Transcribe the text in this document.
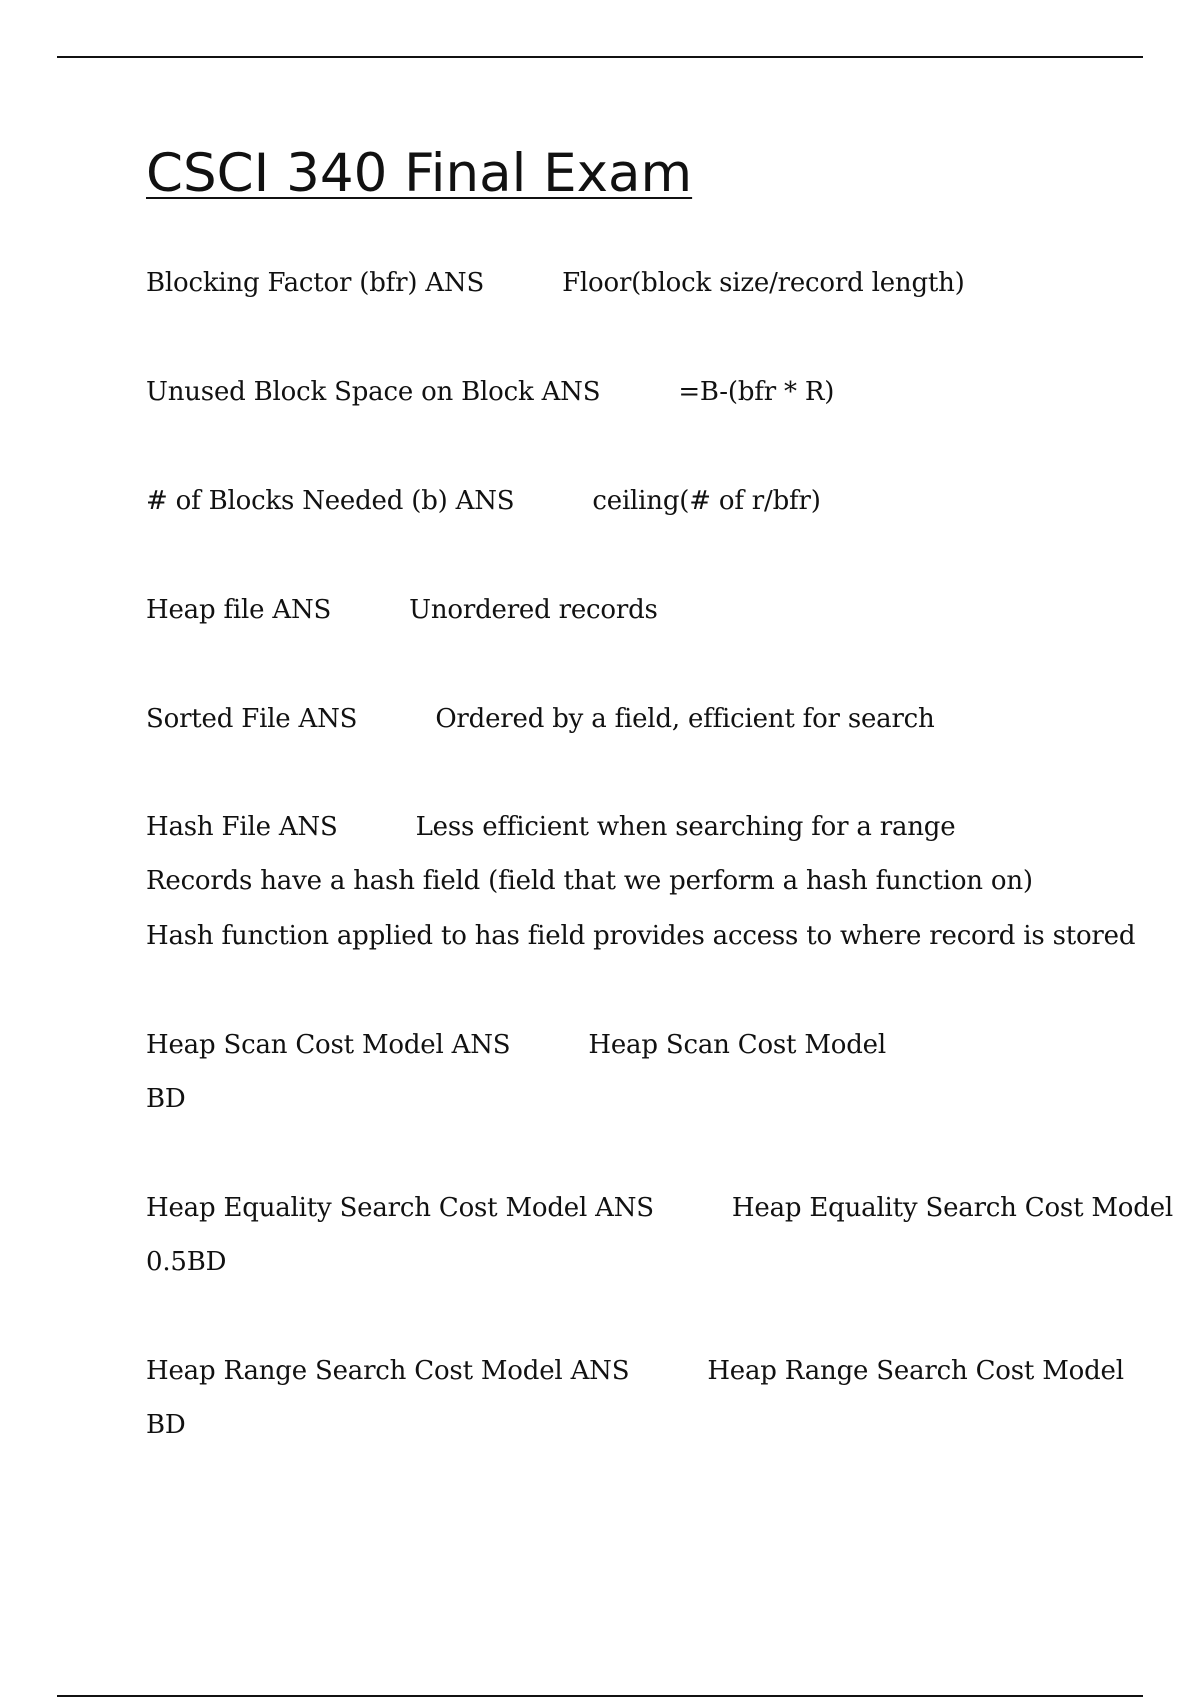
CSCI 340 Final Exam
Blocking Factor (bfr) ANS	Floor(block size/record length)
Unused Block Space on Block ANS	=B-(bfr * R)
# of Blocks Needed (b) ANS	ceiling(# of r/bfr)
Heap file ANS	Unordered records
Sorted File ANS	Ordered by a field, efficient for search
Hash File ANS	Less efficient when searching for a range
Records have a hash field (field that we perform a hash function on)
Hash function applied to has field provides access to where record is stored
Heap Scan Cost Model ANS	Heap Scan Cost Model
BD
Heap Equality Search Cost Model ANS	Heap Equality Search Cost Model
0.5BD
Heap Range Search Cost Model ANS	Heap Range Search Cost Model
BD
